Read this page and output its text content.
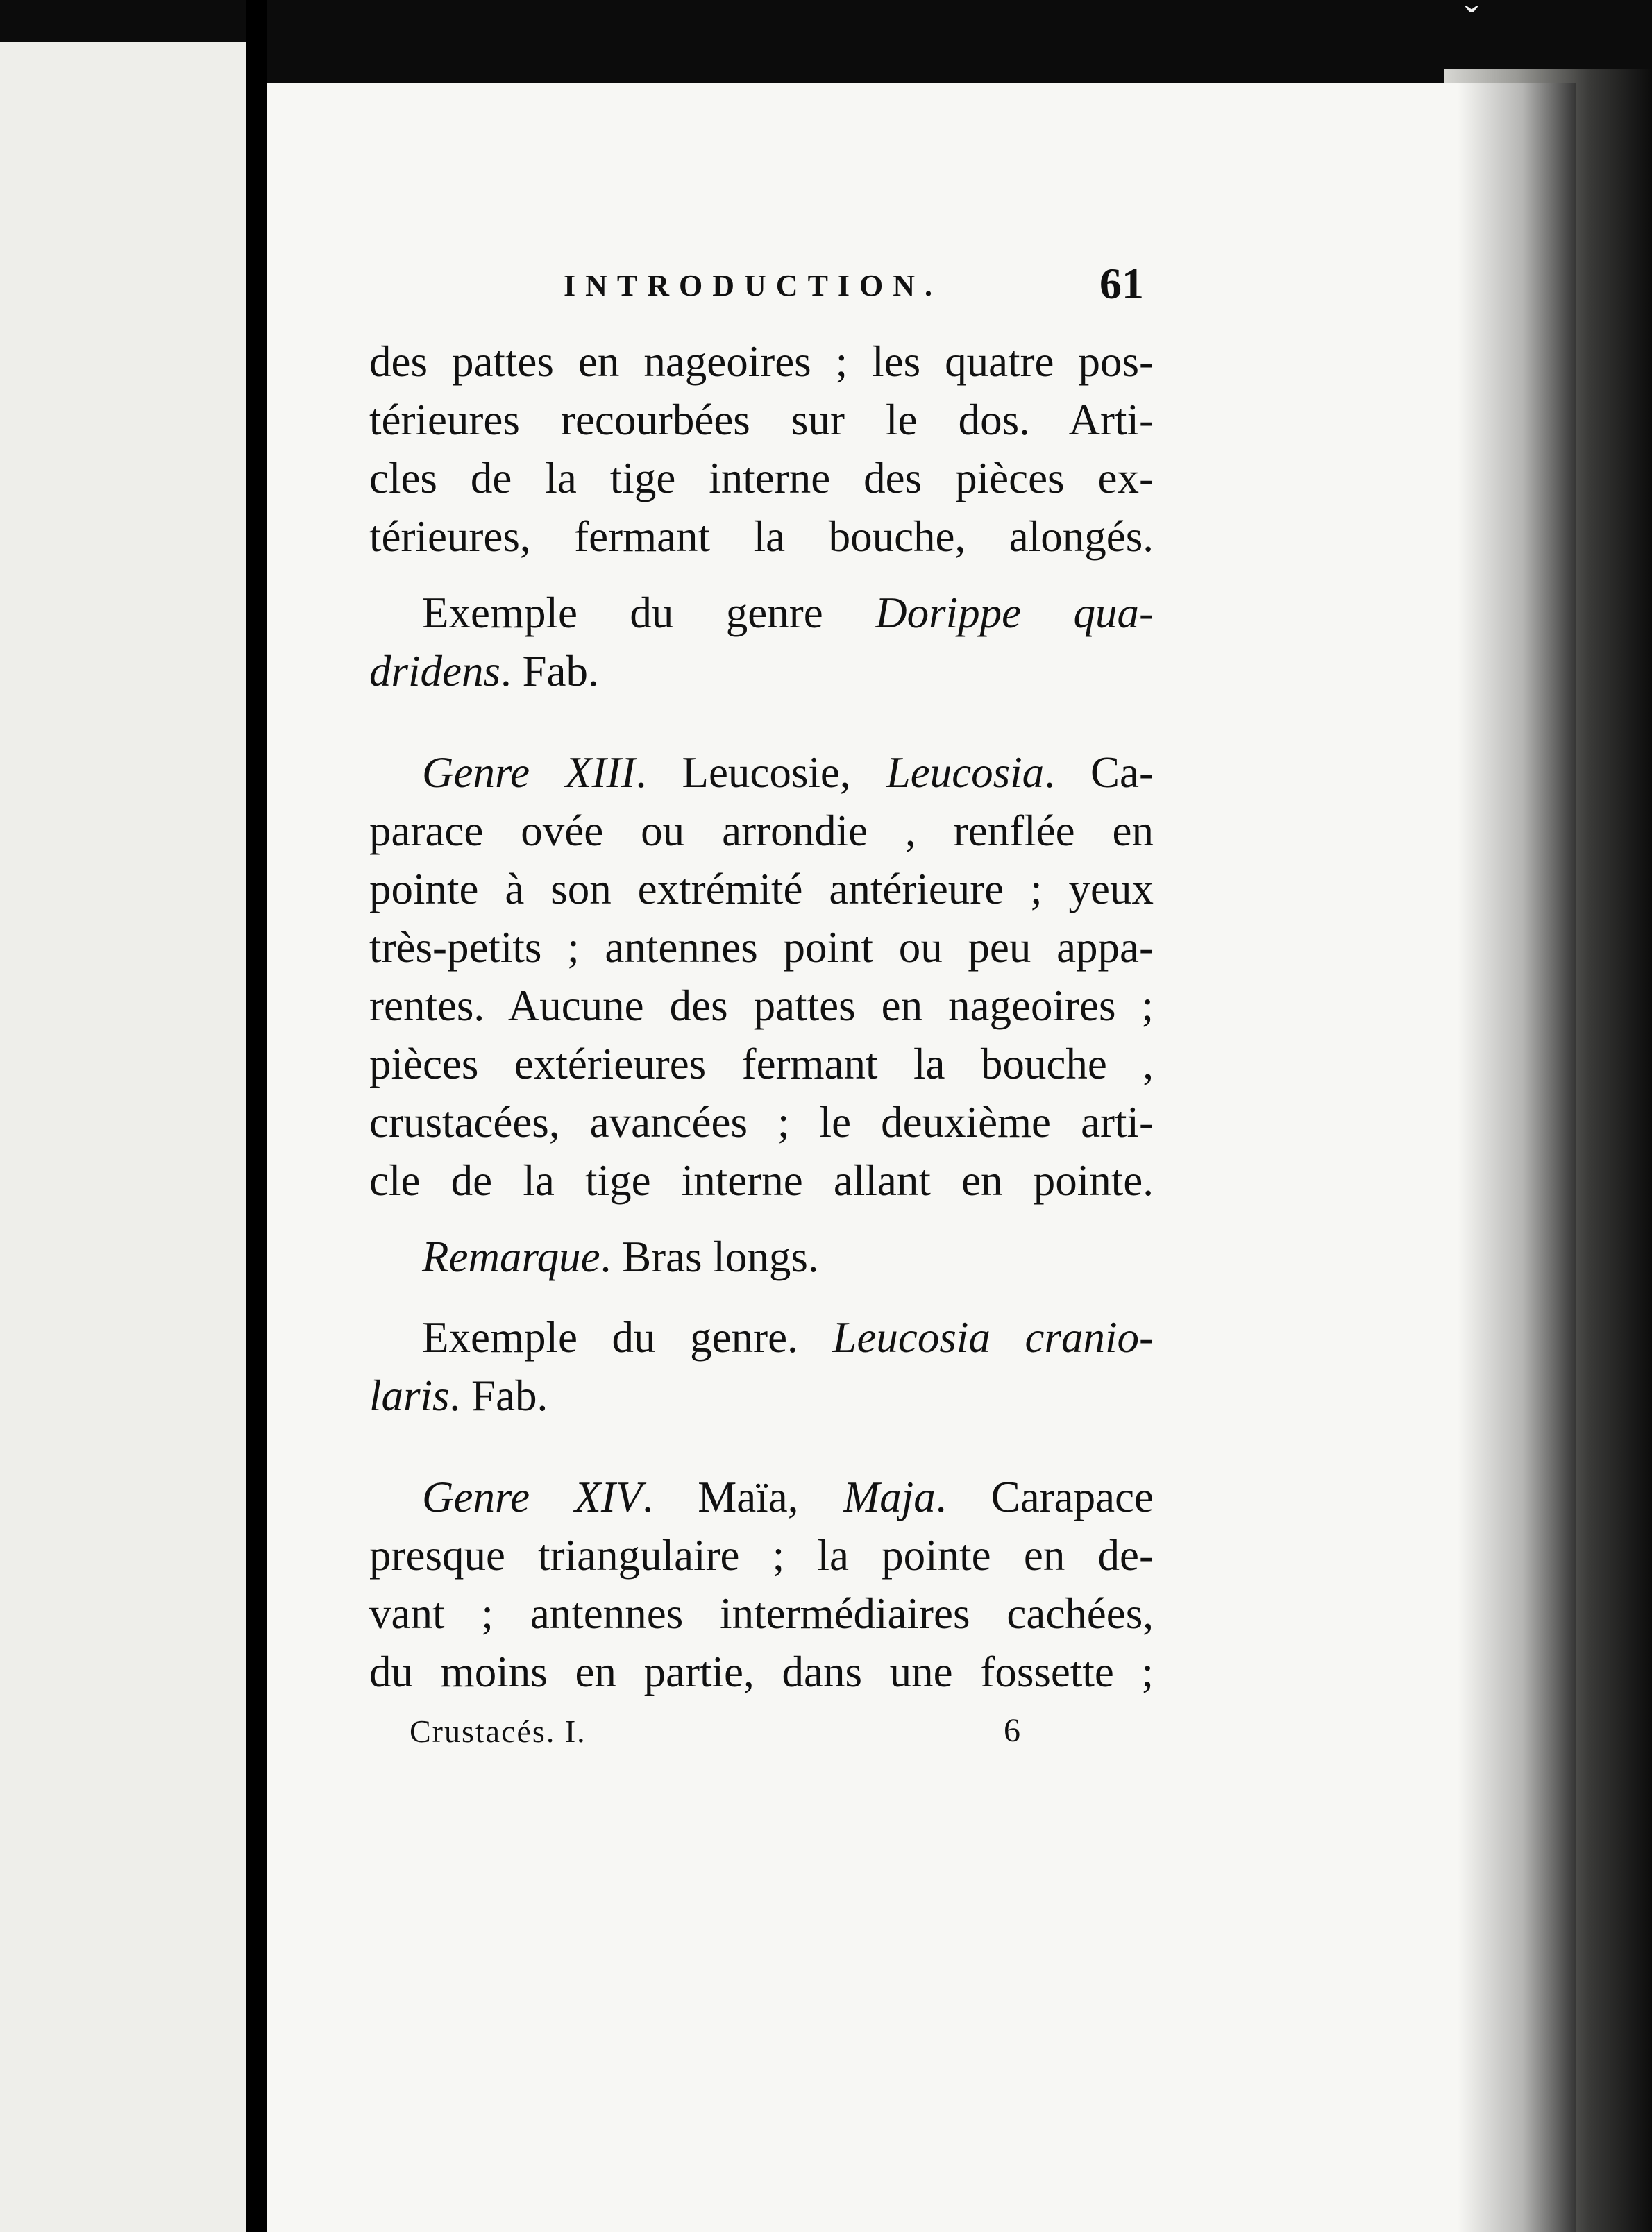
ˇ

INTRODUCTION.	61

des pattes en nageoires ; les quatre pos-

térieures recourbées sur le dos. Arti-

cles de la tige interne des pièces ex-

térieures, fermant la bouche, alongés.

Exemple du genre Dorippe qua-

dridens. Fab.

Genre XIII. Leucosie, Leucosia. Ca-

parace ovée ou arrondie , renflée en

pointe à son extrémité antérieure ; yeux

très-petits ; antennes point ou peu appa-

rentes. Aucune des pattes en nageoires ;

pièces extérieures fermant la bouche ,

crustacées, avancées ; le deuxième arti-

cle de la tige interne allant en pointe.

Remarque. Bras longs.

Exemple du genre. Leucosia cranio-

laris. Fab.

Genre XIV. Maïa, Maja. Carapace

presque triangulaire ; la pointe en de-

vant ; antennes intermédiaires cachées,

du moins en partie, dans une fossette ;

Crustacés. I.	6
